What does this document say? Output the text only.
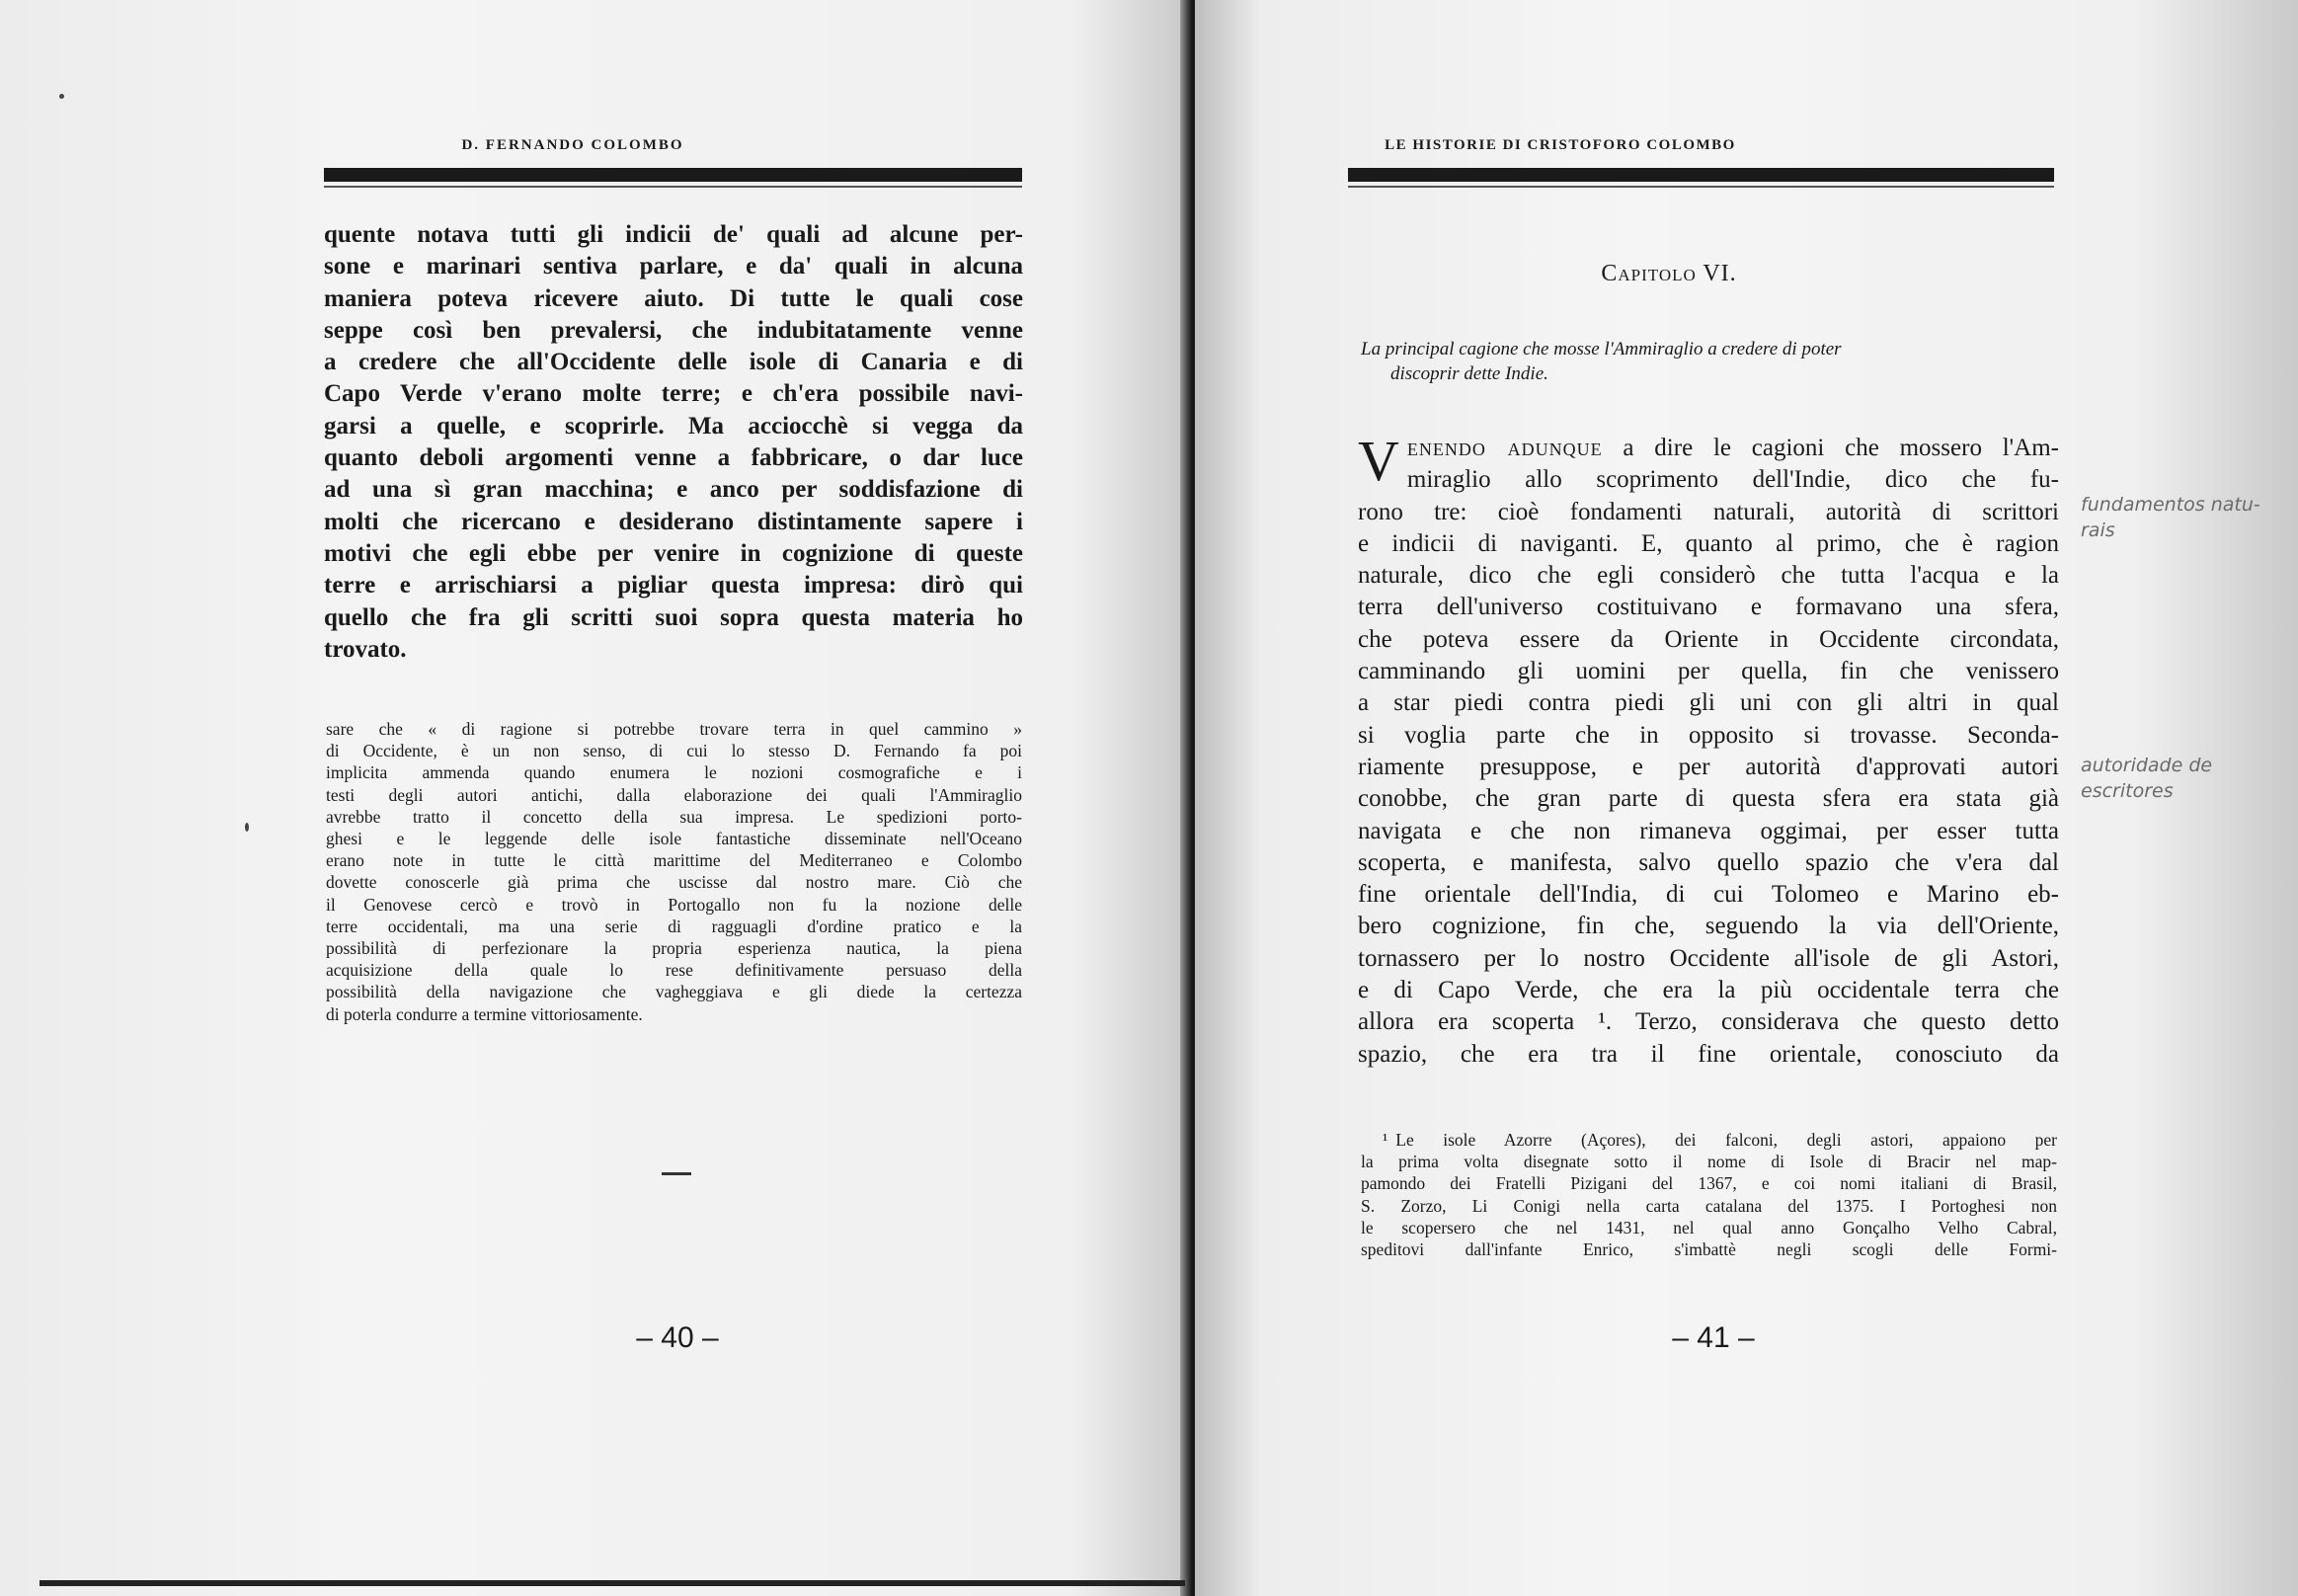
D. FERNANDO COLOMBO
quente notava tutti gli indicii de' quali ad alcune per-
sone e marinari sentiva parlare, e da' quali in alcuna
maniera poteva ricevere aiuto. Di tutte le quali cose
seppe così ben prevalersi, che indubitatamente venne
a credere che all'Occidente delle isole di Canaria e di
Capo Verde v'erano molte terre; e ch'era possibile navi-
garsi a quelle, e scoprirle. Ma acciocchè si vegga da
quanto deboli argomenti venne a fabbricare, o dar luce
ad una sì gran macchina; e anco per soddisfazione di
molti che ricercano e desiderano distintamente sapere i
motivi che egli ebbe per venire in cognizione di queste
terre e arrischiarsi a pigliar questa impresa: dirò qui
quello che fra gli scritti suoi sopra questa materia ho
trovato.
sare che « di ragione si potrebbe trovare terra in quel cammino »
di Occidente, è un non senso, di cui lo stesso D. Fernando fa poi
implicita ammenda quando enumera le nozioni cosmografiche e i
testi degli autori antichi, dalla elaborazione dei quali l'Ammiraglio
avrebbe tratto il concetto della sua impresa. Le spedizioni porto-
ghesi e le leggende delle isole fantastiche disseminate nell'Oceano
erano note in tutte le città marittime del Mediterraneo e Colombo
dovette conoscerle già prima che uscisse dal nostro mare. Ciò che
il Genovese cercò e trovò in Portogallo non fu la nozione delle
terre occidentali, ma una serie di ragguagli d'ordine pratico e la
possibilità di perfezionare la propria esperienza nautica, la piena
acquisizione della quale lo rese definitivamente persuaso della
possibilità della navigazione che vagheggiava e gli diede la certezza
di poterla condurre a termine vittoriosamente.
– 40 –
LE HISTORIE DI CRISTOFORO COLOMBO
Capitolo VI.
La principal cagione che mosse l'Ammiraglio a credere di poter
discoprir dette Indie.
V enendo adunque a dire le cagioni che mossero l'Am-
miraglio allo scoprimento dell'Indie, dico che fu-
rono tre: cioè fondamenti naturali, autorità di scrittori
e indicii di naviganti. E, quanto al primo, che è ragion
naturale, dico che egli considerò che tutta l'acqua e la
terra dell'universo costituivano e formavano una sfera,
che poteva essere da Oriente in Occidente circondata,
camminando gli uomini per quella, fin che venissero
a star piedi contra piedi gli uni con gli altri in qual
si voglia parte che in opposito si trovasse. Seconda-
riamente presuppose, e per autorità d'approvati autori
conobbe, che gran parte di questa sfera era stata già
navigata e che non rimaneva oggimai, per esser tutta
scoperta, e manifesta, salvo quello spazio che v'era dal
fine orientale dell'India, di cui Tolomeo e Marino eb-
bero cognizione, fin che, seguendo la via dell'Oriente,
tornassero per lo nostro Occidente all'isole de gli Astori,
e di Capo Verde, che era la più occidentale terra che
allora era scoperta ¹. Terzo, considerava che questo detto
spazio, che era tra il fine orientale, conosciuto da
¹ Le isole Azorre (Açores), dei falconi, degli astori, appaiono per
la prima volta disegnate sotto il nome di Isole di Bracir nel map-
pamondo dei Fratelli Pizigani del 1367, e coi nomi italiani di Brasil,
S. Zorzo, Li Conigi nella carta catalana del 1375. I Portoghesi non
le scopersero che nel 1431, nel qual anno Gonçalho Velho Cabral,
speditovi dall'infante Enrico, s'imbattè negli scogli delle Formi-
– 41 –
fundamentos natu-
rais
autoridade de
escritores
